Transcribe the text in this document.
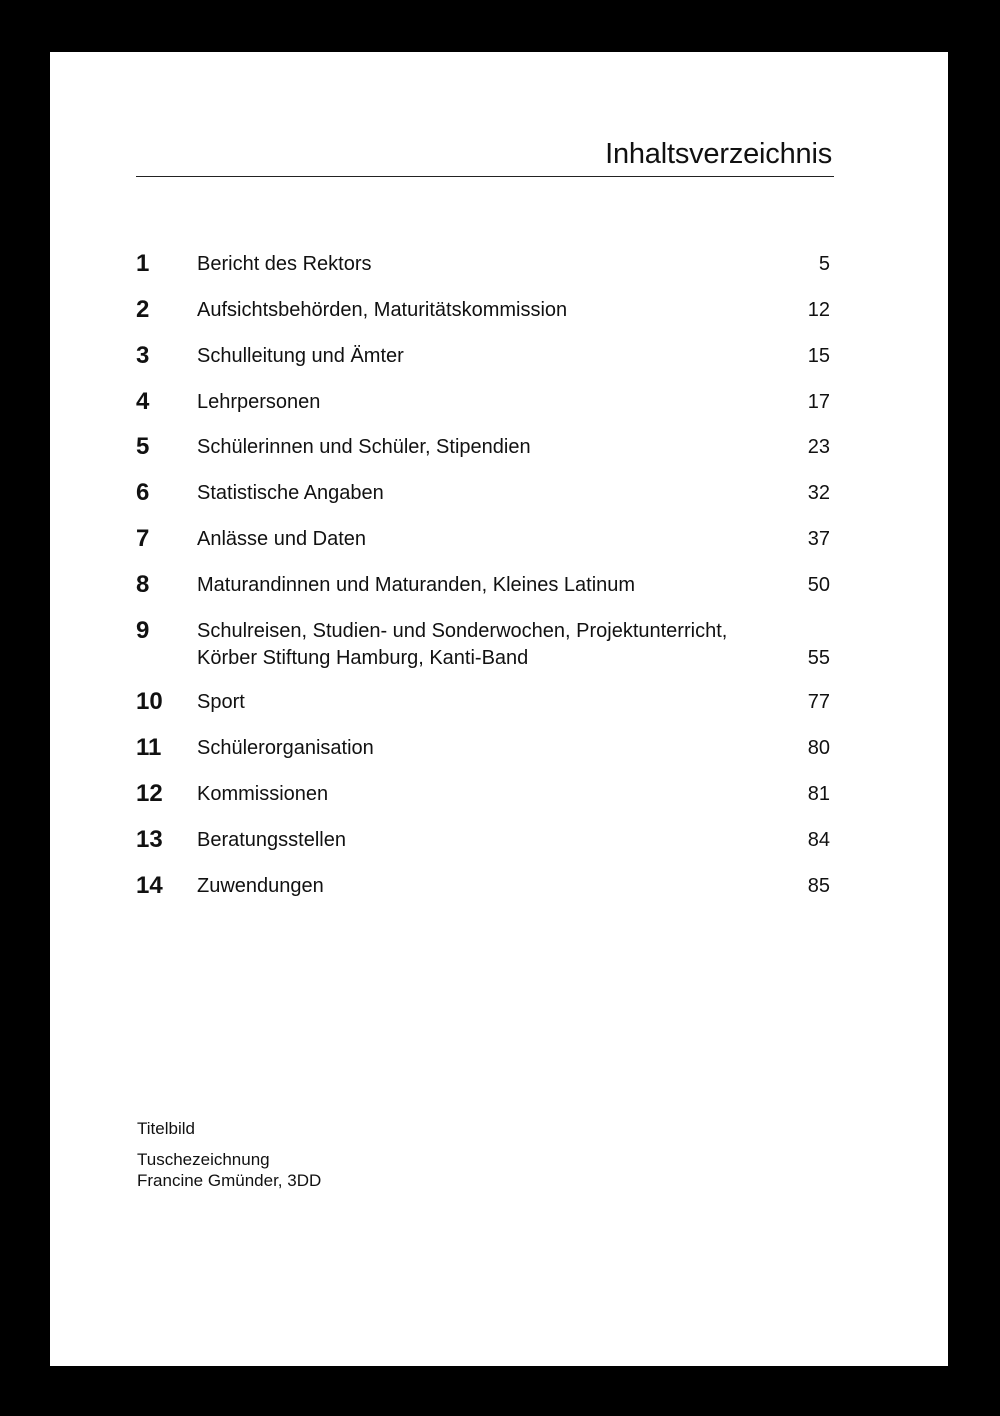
Inhaltsverzeichnis
1	Bericht des Rektors	5
2	Aufsichtsbehörden, Maturitätskommission	12
3	Schulleitung und Ämter	15
4	Lehrpersonen	17
5	Schülerinnen und Schüler, Stipendien	23
6	Statistische Angaben	32
7	Anlässe und Daten	37
8	Maturandinnen und Maturanden, Kleines Latinum	50
9	Schulreisen, Studien- und Sonderwochen, Projektunterricht,
Körber Stiftung Hamburg, Kanti-Band	55
10	Sport	77
11	Schülerorganisation	80
12	Kommissionen	81
13	Beratungsstellen	84
14	Zuwendungen	85
Titelbild
Tuschezeichnung
Francine Gmünder, 3DD
